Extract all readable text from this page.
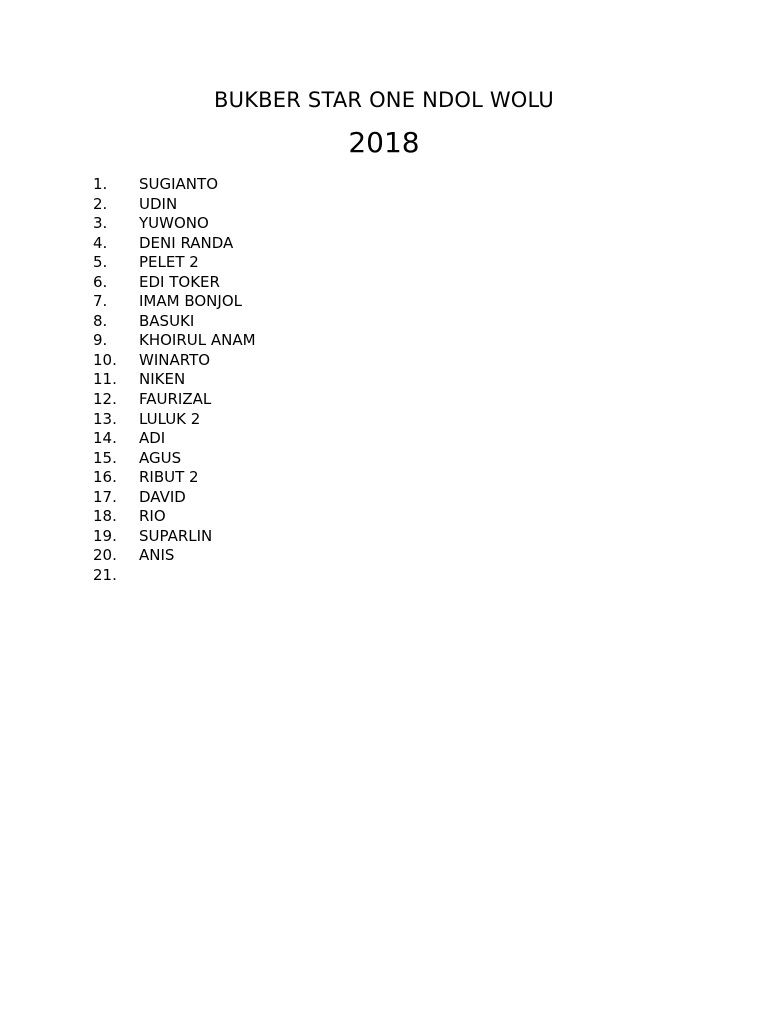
BUKBER STAR ONE NDOL WOLU
2018
1.	SUGIANTO
2.	UDIN
3.	YUWONO
4.	DENI RANDA
5.	PELET 2
6.	EDI TOKER
7.	IMAM BONJOL
8.	BASUKI
9.	KHOIRUL ANAM
10.	WINARTO
11.	NIKEN
12.	FAURIZAL
13.	LULUK 2
14.	ADI
15.	AGUS
16.	RIBUT 2
17.	DAVID
18.	RIO
19.	SUPARLIN
20.	ANIS
21.
